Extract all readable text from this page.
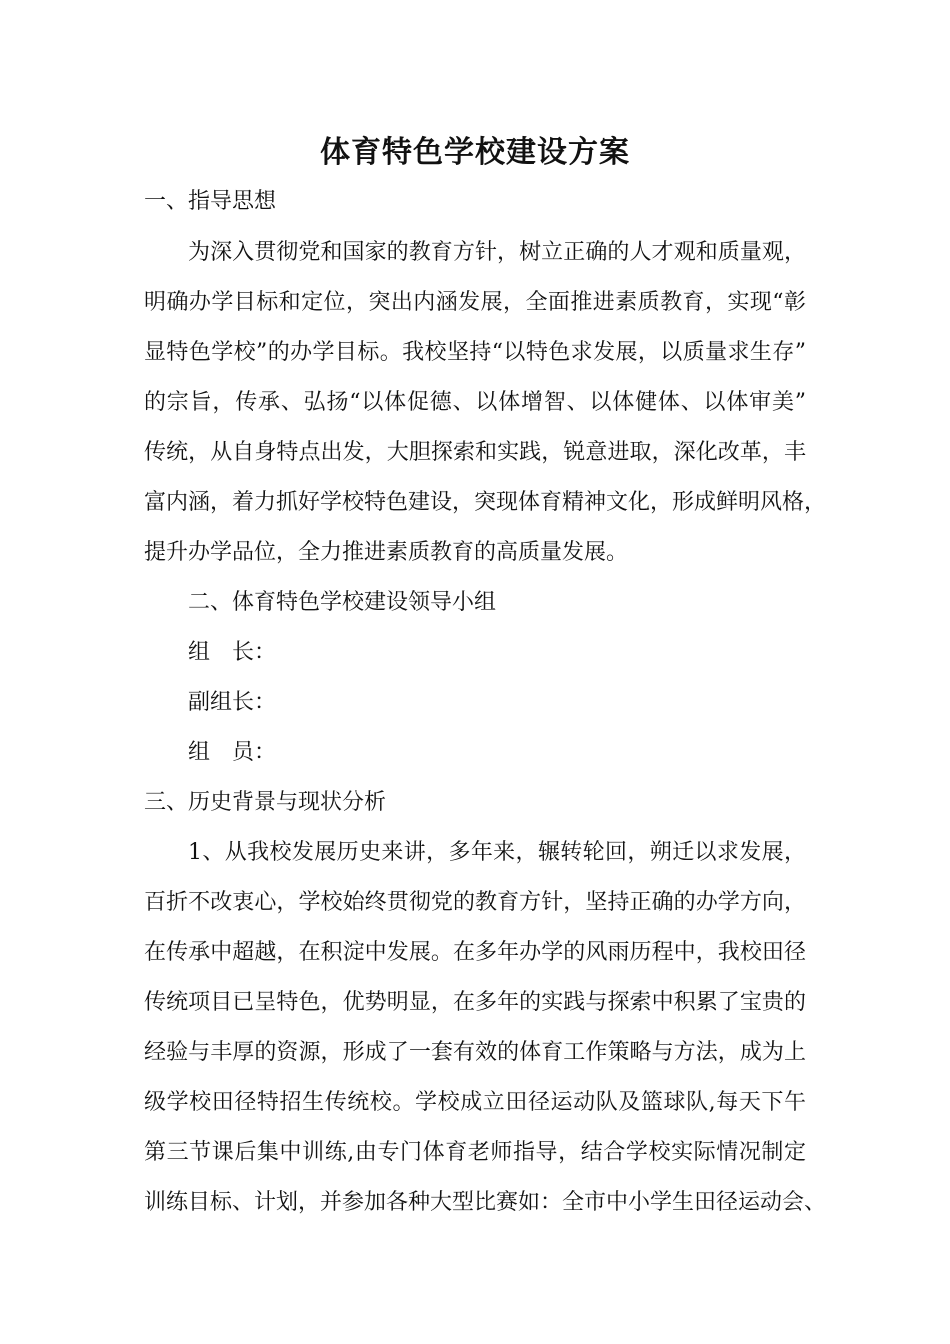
体育特色学校建设方案
一、指导思想
为深入贯彻党和国家的教育方针，树立正确的人才观和质量观，
明确办学目标和定位，突出内涵发展，全面推进素质教育，实现“彰
显特色学校”的办学目标。我校坚持“以特色求发展，以质量求生存”
的宗旨，传承、弘扬“以体促德、以体增智、以体健体、以体审美”
传统，从自身特点出发，大胆探索和实践，锐意进取，深化改革，丰
富内涵，着力抓好学校特色建设，突现体育精神文化，形成鲜明风格，
提升办学品位，全力推进素质教育的高质量发展。
二、体育特色学校建设领导小组
组　长：
副组长：
组　员：
三、历史背景与现状分析
1、从我校发展历史来讲，多年来，辗转轮回，朔迁以求发展，
百折不改衷心，学校始终贯彻党的教育方针，坚持正确的办学方向，
在传承中超越，在积淀中发展。在多年办学的风雨历程中，我校田径
传统项目已呈特色，优势明显，在多年的实践与探索中积累了宝贵的
经验与丰厚的资源，形成了一套有效的体育工作策略与方法，成为上
级学校田径特招生传统校。学校成立田径运动队及篮球队,每天下午
第三节课后集中训练,由专门体育老师指导，结合学校实际情况制定
训练目标、计划，并参加各种大型比赛如：全市中小学生田径运动会、
